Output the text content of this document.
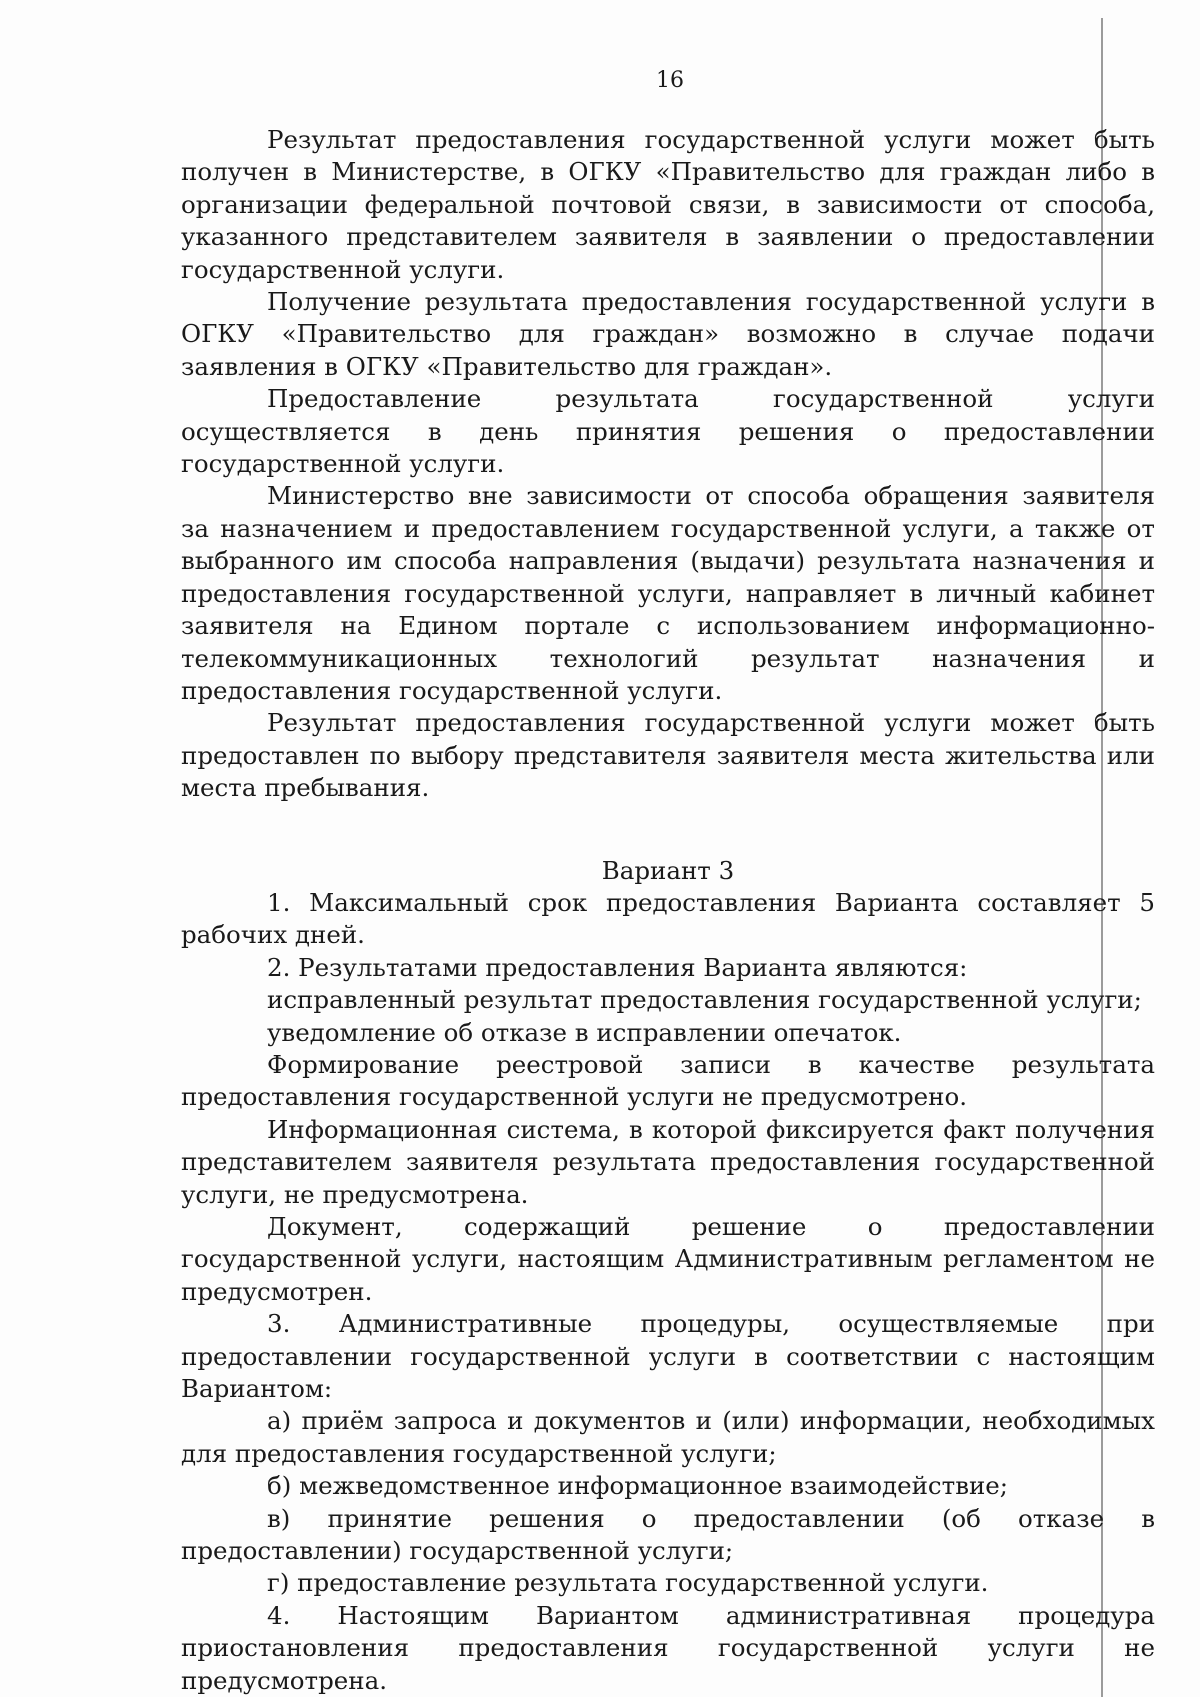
16

Результат предоставления государственной услуги может быть получен в Министерстве, в ОГКУ «Правительство для граждан либо в организации федеральной почтовой связи, в зависимости от способа, указанного представителем заявителя в заявлении о предоставлении государственной услуги.

Получение результата предоставления государственной услуги в ОГКУ «Правительство для граждан» возможно в случае подачи заявления в ОГКУ «Правительство для граждан».

Предоставление результата государственной услуги осуществляется в день принятия решения о предоставлении государственной услуги.

Министерство вне зависимости от способа обращения заявителя за назначением и предоставлением государственной услуги, а также от выбранного им способа направления (выдачи) результата назначения и предоставления государственной услуги, направляет в личный кабинет заявителя на Едином портале с использованием информационно-телекоммуникационных технологий результат назначения и предоставления государственной услуги.

Результат предоставления государственной услуги может быть предоставлен по выбору представителя заявителя места жительства или места пребывания.

Вариант 3

1. Максимальный срок предоставления Варианта составляет 5 рабочих дней.

2. Результатами предоставления Варианта являются:

исправленный результат предоставления государственной услуги;

уведомление об отказе в исправлении опечаток.

Формирование реестровой записи в качестве результата предоставления государственной услуги не предусмотрено.

Информационная система, в которой фиксируется факт получения представителем заявителя результата предоставления государственной услуги, не предусмотрена.

Документ, содержащий решение о предоставлении государственной услуги, настоящим Административным регламентом не предусмотрен.

3. Административные процедуры, осуществляемые при предоставлении государственной услуги в соответствии с настоящим Вариантом:

а) приём запроса и документов и (или) информации, необходимых для предоставления государственной услуги;

б) межведомственное информационное взаимодействие;

в) принятие решения о предоставлении (об отказе в предоставлении) государственной услуги;

г) предоставление результата государственной услуги.

4. Настоящим Вариантом административная процедура приостановления предоставления государственной услуги не предусмотрена.
